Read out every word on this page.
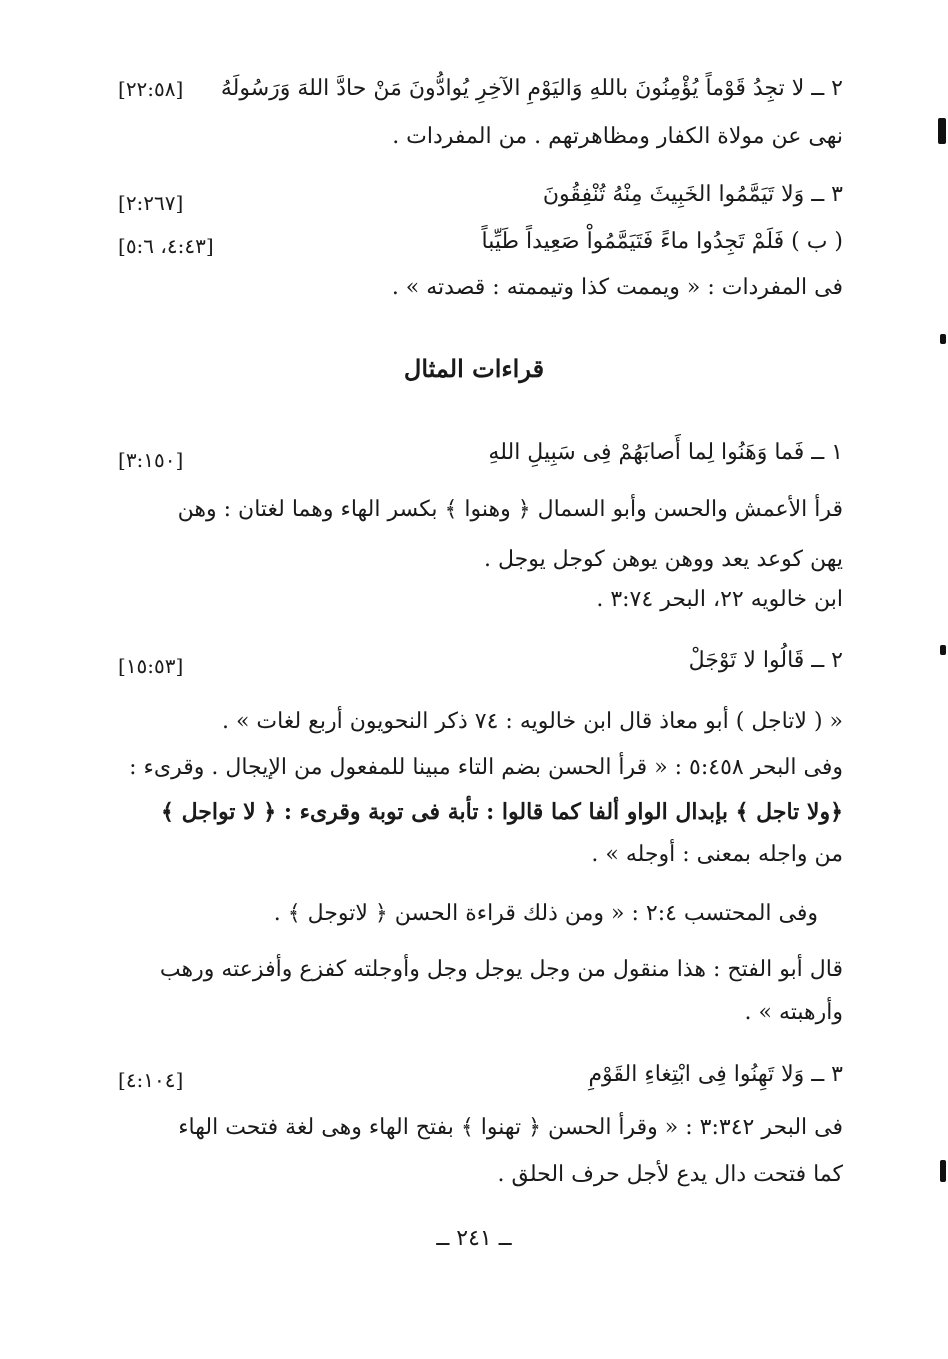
٢ ــ لا تجِدُ قَوْماً يُؤْمِنُونَ باللهِ وَاليَوْمِ الآخِرِ يُوادُّونَ مَنْ حادَّ اللهَ وَرَسُولَهُ
[٢٢:٥٨]
نهى عن مولاة الكفار ومظاهرتهم . من المفردات .
٣ ــ وَلا تَيَمَّمُوا الخَبِيثَ مِنْهُ تُنْفِقُونَ
[٢:٢٦٧]
( ب ) فَلَمْ تَجِدُوا ماءً فَتَيَمَّمُواْ صَعِيداً طَيِّباً
[٤:٤٣، ٥:٦]
فى المفردات : « ويممت كذا وتيممته : قصدته » .
قراءات المثال
١ ــ فَما وَهَنُوا لِما أَصابَهُمْ فِى سَبِيلِ اللهِ
[٣:١٥٠]
قرأ الأعمش والحسن وأبو السمال ﴿ وهنوا ﴾ بكسر الهاء وهما لغتان : وهن
يهن كوعد يعد ووهن يوهن كوجل يوجل .
ابن خالويه ٢٢، البحر ٣:٧٤ .
٢ ــ قَالُوا لا تَوْجَلْ
[١٥:٥٣]
« ( لاتاجل ) أبو معاذ قال ابن خالويه : ٧٤ ذكر النحويون أربع لغات » .
وفى البحر ٥:٤٥٨ : « قرأ الحسن بضم التاء مبينا للمفعول من الإيجال . وقرىء :
﴿ولا تاجل ﴾ بإبدال الواو ألفا كما قالوا : تأبة فى توبة وقرىء : ﴿ لا تواجل ﴾
من واجله بمعنى : أوجله » .
وفى المحتسب ٢:٤ : « ومن ذلك قراءة الحسن ﴿ لاتوجل ﴾ .
قال أبو الفتح : هذا منقول من وجل يوجل وجل وأوجلته كفزع وأفزعته ورهب
وأرهبته » .
٣ ــ وَلا تَهِنُوا فِى ابْتِغاءِ القَوْمِ
[٤:١٠٤]
فى البحر ٣:٣٤٢ : « وقرأ الحسن ﴿ تهنوا ﴾ بفتح الهاء وهى لغة فتحت الهاء
كما فتحت دال يدع لأجل حرف الحلق .
ــ ٢٤١ ــ
